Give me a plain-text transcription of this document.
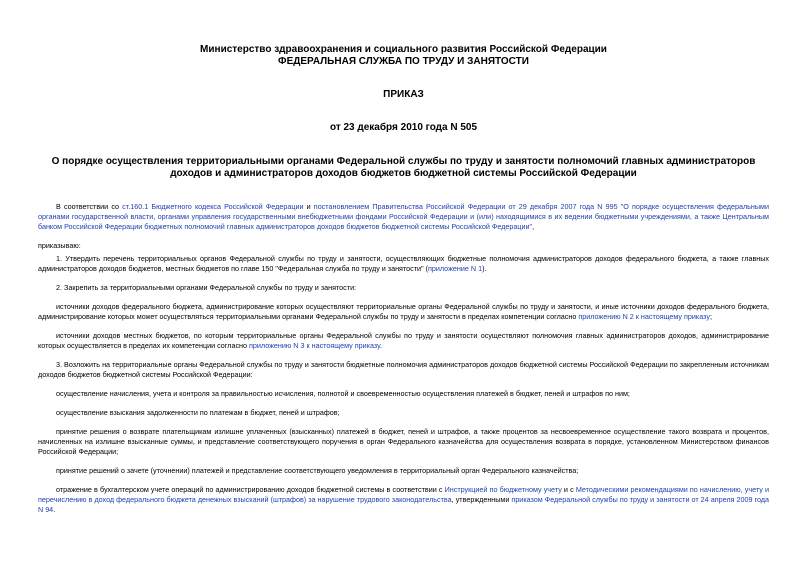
Министерство здравоохранения и социального развития Российской Федерации
ФЕДЕРАЛЬНАЯ СЛУЖБА ПО ТРУДУ И ЗАНЯТОСТИ
ПРИКАЗ
от 23 декабря 2010 года N 505
О порядке осуществления территориальными органами Федеральной службы по труду и занятости полномочий главных администраторов доходов и администраторов доходов бюджетов бюджетной системы Российской Федерации

В соответствии со ст.160.1 Бюджетного кодекса Российской Федерации и постановлением Правительства Российской Федерации от 29 декабря 2007 года N 995 "О порядке осуществления федеральными органами государственной власти, органами управления государственными внебюджетными фондами Российской Федерации и (или) находящимися в их ведении бюджетными учреждениями, а также Центральным банком Российской Федерации бюджетных полномочий главных администраторов доходов бюджетов бюджетной системы Российской Федерации",

приказываю:

1. Утвердить перечень территориальных органов Федеральной службы по труду и занятости, осуществляющих бюджетные полномочия администраторов доходов федерального бюджета, а также главных администраторов доходов бюджетов, местных бюджетов по главе 150 "Федеральная служба по труду и занятости" (приложение N 1).

2. Закрепить за территориальными органами Федеральной службы по труду и занятости:

источники доходов федерального бюджета, администрирование которых осуществляют территориальные органы Федеральной службы по труду и занятости, и иные источники доходов федерального бюджета, администрирование которых может осуществляться территориальными органами Федеральной службы по труду и занятости в пределах компетенции согласно приложению N 2 к настоящему приказу;

источники доходов местных бюджетов, по которым территориальные органы Федеральной службы по труду и занятости осуществляют полномочия главных администраторов доходов, администрирование которых осуществляется в пределах их компетенции согласно приложению N 3 к настоящему приказу.

3. Возложить на территориальные органы Федеральной службы по труду и занятости бюджетные полномочия администраторов доходов бюджетной системы Российской Федерации по закрепленным источникам доходов бюджетов бюджетной системы Российской Федерации:

осуществление начисления, учета и контроля за правильностью исчисления, полнотой и своевременностью осуществления платежей в бюджет, пеней и штрафов по ним;

осуществление взыскания задолженности по платежам в бюджет, пеней и штрафов;

принятие решения о возврате плательщикам излишне уплаченных (взысканных) платежей в бюджет, пеней и штрафов, а также процентов за несвоевременное осуществление такого возврата и процентов, начисленных на излишне взысканные суммы, и представление соответствующего поручения в орган Федерального казначейства для осуществления возврата в порядке, установленном Министерством финансов Российской Федерации;

принятие решений о зачете (уточнении) платежей и представление соответствующего уведомления в территориальный орган Федерального казначейства;

отражение в бухгалтерском учете операций по администрированию доходов бюджетной системы в соответствии с Инструкцией по бюджетному учету и с Методическими рекомендациями по начислению, учету и перечислению в доход федерального бюджета денежных взысканий (штрафов) за нарушение трудового законодательства, утвержденными приказом Федеральной службы по труду и занятости от 24 апреля 2009 года N 94.
